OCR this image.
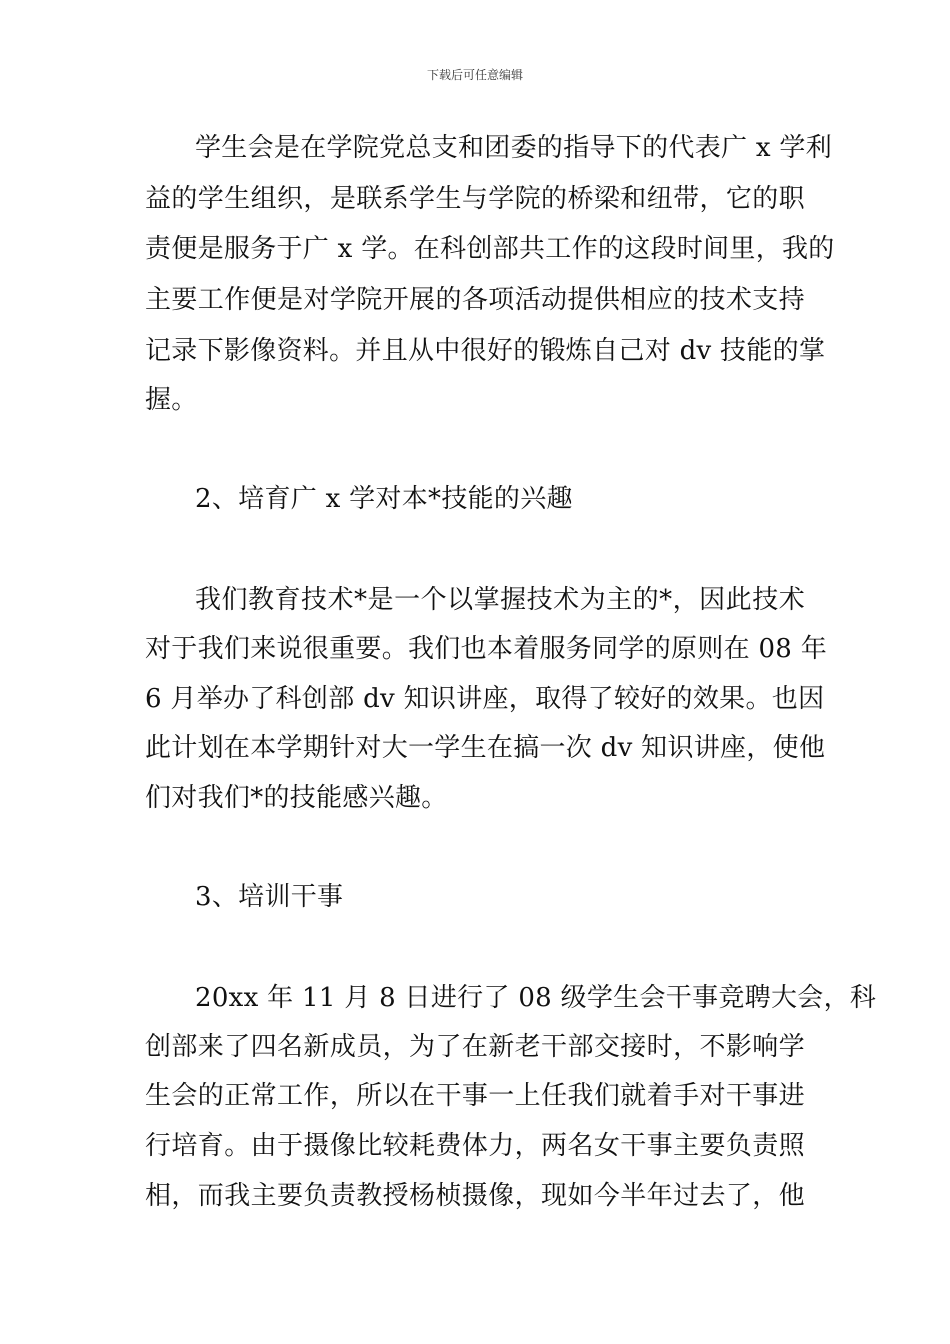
下载后可任意编辑
学生会是在学院党总支和团委的指导下的代表广 x 学利
益的学生组织，是联系学生与学院的桥梁和纽带，它的职
责便是服务于广 x 学。在科创部共工作的这段时间里，我的
主要工作便是对学院开展的各项活动提供相应的技术支持
记录下影像资料。并且从中很好的锻炼自己对 dv 技能的掌
握。
2、培育广 x 学对本*技能的兴趣
我们教育技术*是一个以掌握技术为主的*，因此技术
对于我们来说很重要。我们也本着服务同学的原则在 08 年
6 月举办了科创部 dv 知识讲座，取得了较好的效果。也因
此计划在本学期针对大一学生在搞一次 dv 知识讲座，使他
们对我们*的技能感兴趣。
3、培训干事
20xx 年 11 月 8 日进行了 08 级学生会干事竞聘大会，科
创部来了四名新成员，为了在新老干部交接时，不影响学
生会的正常工作，所以在干事一上任我们就着手对干事进
行培育。由于摄像比较耗费体力，两名女干事主要负责照
相，而我主要负责教授杨桢摄像，现如今半年过去了，他
